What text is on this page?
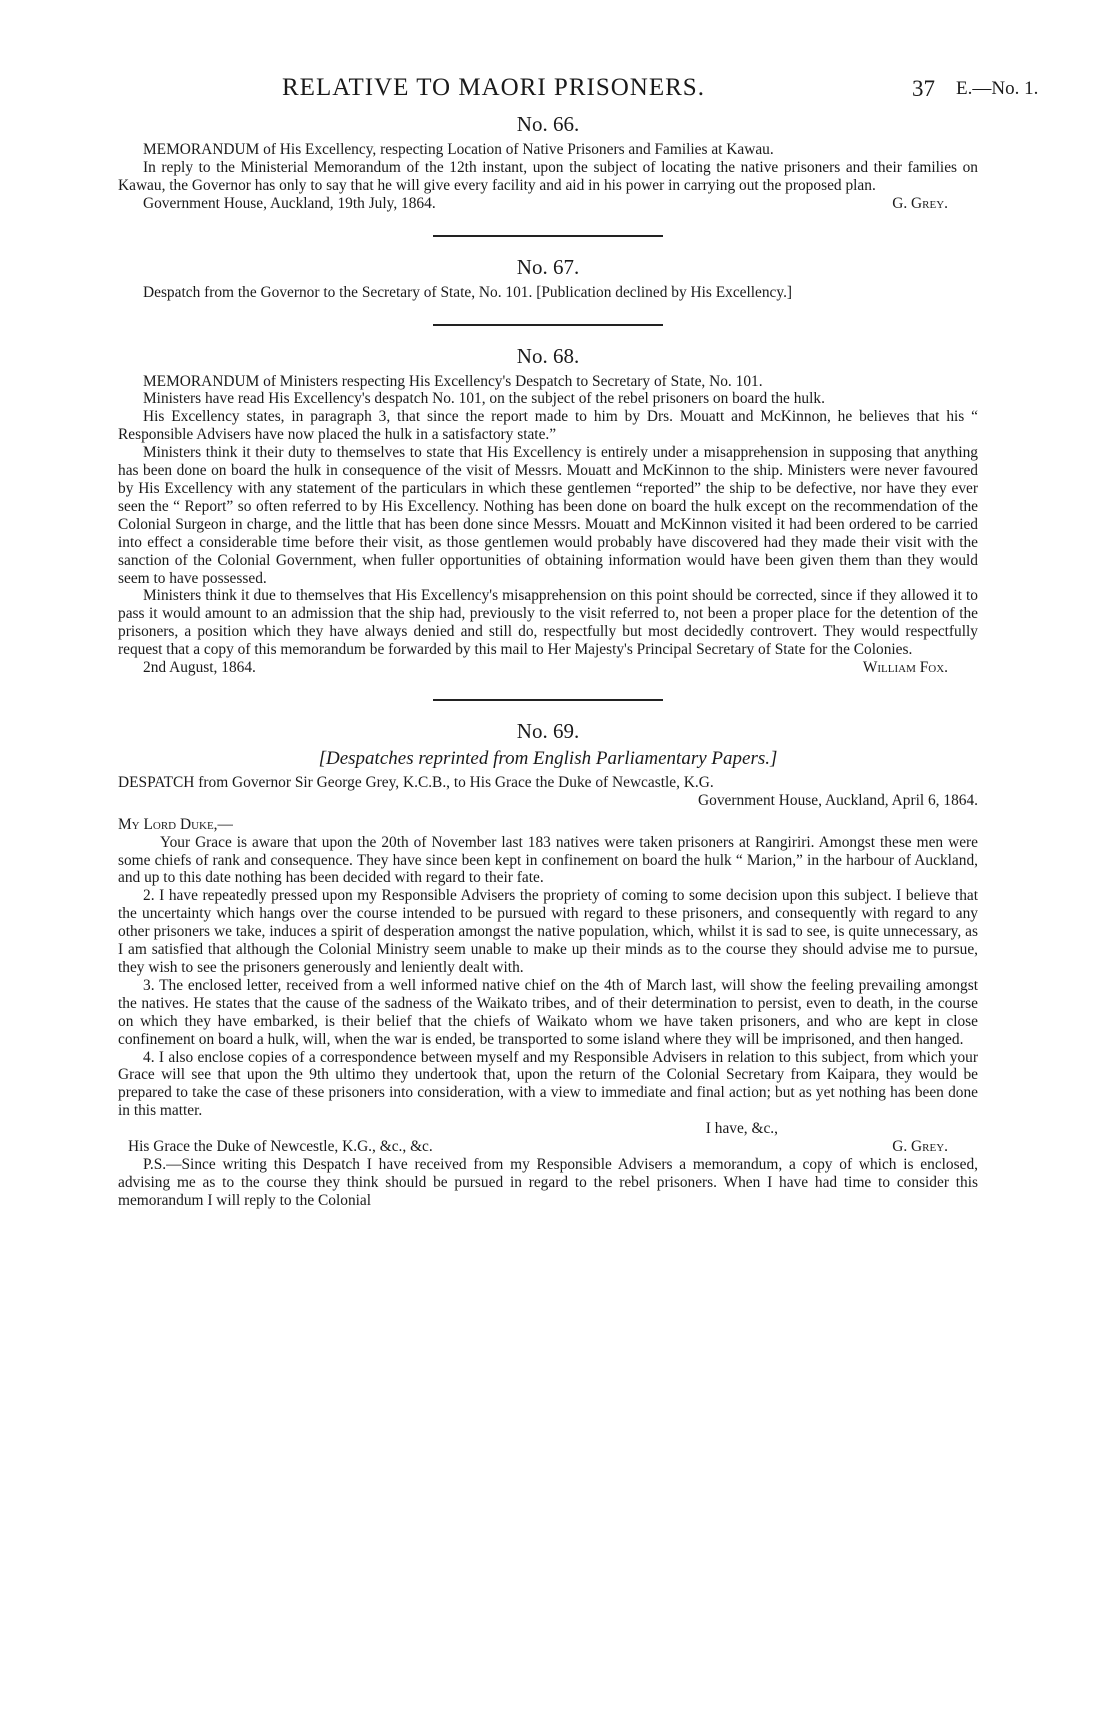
RELATIVE TO MAORI PRISONERS.	37 E.—No. 1.
No. 66.

MEMORANDUM of His Excellency, respecting Location of Native Prisoners and Families at Kawau.

In reply to the Ministerial Memorandum of the 12th instant, upon the subject of locating the native prisoners and their families on Kawau, the Governor has only to say that he will give every facility and aid in his power in carrying out the proposed plan.

Government House, Auckland, 19th July, 1864.	G. Grey.
No. 67.

Despatch from the Governor to the Secretary of State, No. 101. [Publication declined by His Excellency.]

No. 68.

MEMORANDUM of Ministers respecting His Excellency's Despatch to Secretary of State, No. 101.

Ministers have read His Excellency's despatch No. 101, on the subject of the rebel prisoners on board the hulk.

His Excellency states, in paragraph 3, that since the report made to him by Drs. Mouatt and McKinnon, he believes that his “ Responsible Advisers have now placed the hulk in a satisfactory state.”

Ministers think it their duty to themselves to state that His Excellency is entirely under a misapprehension in supposing that anything has been done on board the hulk in consequence of the visit of Messrs. Mouatt and McKinnon to the ship. Ministers were never favoured by His Excellency with any statement of the particulars in which these gentlemen “reported” the ship to be defective, nor have they ever seen the “ Report” so often referred to by His Excellency. Nothing has been done on board the hulk except on the recommendation of the Colonial Surgeon in charge, and the little that has been done since Messrs. Mouatt and McKinnon visited it had been ordered to be carried into effect a considerable time before their visit, as those gentlemen would probably have discovered had they made their visit with the sanction of the Colonial Government, when fuller opportunities of obtaining information would have been given them than they would seem to have possessed.

Ministers think it due to themselves that His Excellency's misapprehension on this point should be corrected, since if they allowed it to pass it would amount to an admission that the ship had, previously to the visit referred to, not been a proper place for the detention of the prisoners, a position which they have always denied and still do, respectfully but most decidedly controvert. They would respectfully request that a copy of this memorandum be forwarded by this mail to Her Majesty's Principal Secretary of State for the Colonies.

2nd August, 1864.	William Fox.
No. 69.
[Despatches reprinted from English Parliamentary Papers.]

DESPATCH from Governor Sir George Grey, K.C.B., to His Grace the Duke of Newcastle, K.G.

Government House, Auckland, April 6, 1864.

My Lord Duke,—

Your Grace is aware that upon the 20th of November last 183 natives were taken prisoners at Rangiriri. Amongst these men were some chiefs of rank and consequence. They have since been kept in confinement on board the hulk “ Marion,” in the harbour of Auckland, and up to this date nothing has been decided with regard to their fate.

2. I have repeatedly pressed upon my Responsible Advisers the propriety of coming to some decision upon this subject. I believe that the uncertainty which hangs over the course intended to be pursued with regard to these prisoners, and consequently with regard to any other prisoners we take, induces a spirit of desperation amongst the native population, which, whilst it is sad to see, is quite unnecessary, as I am satisfied that although the Colonial Ministry seem unable to make up their minds as to the course they should advise me to pursue, they wish to see the prisoners generously and leniently dealt with.

3. The enclosed letter, received from a well informed native chief on the 4th of March last, will show the feeling prevailing amongst the natives. He states that the cause of the sadness of the Waikato tribes, and of their determination to persist, even to death, in the course on which they have embarked, is their belief that the chiefs of Waikato whom we have taken prisoners, and who are kept in close confinement on board a hulk, will, when the war is ended, be transported to some island where they will be imprisoned, and then hanged.

4. I also enclose copies of a correspondence between myself and my Responsible Advisers in relation to this subject, from which your Grace will see that upon the 9th ultimo they undertook that, upon the return of the Colonial Secretary from Kaipara, they would be prepared to take the case of these prisoners into consideration, with a view to immediate and final action; but as yet nothing has been done in this matter.

I have, &c.,

His Grace the Duke of Newcestle, K.G., &c., &c.	G. Grey.

P.S.—Since writing this Despatch I have received from my Responsible Advisers a memorandum, a copy of which is enclosed, advising me as to the course they think should be pursued in regard to the rebel prisoners. When I have had time to consider this memorandum I will reply to the Colonial
